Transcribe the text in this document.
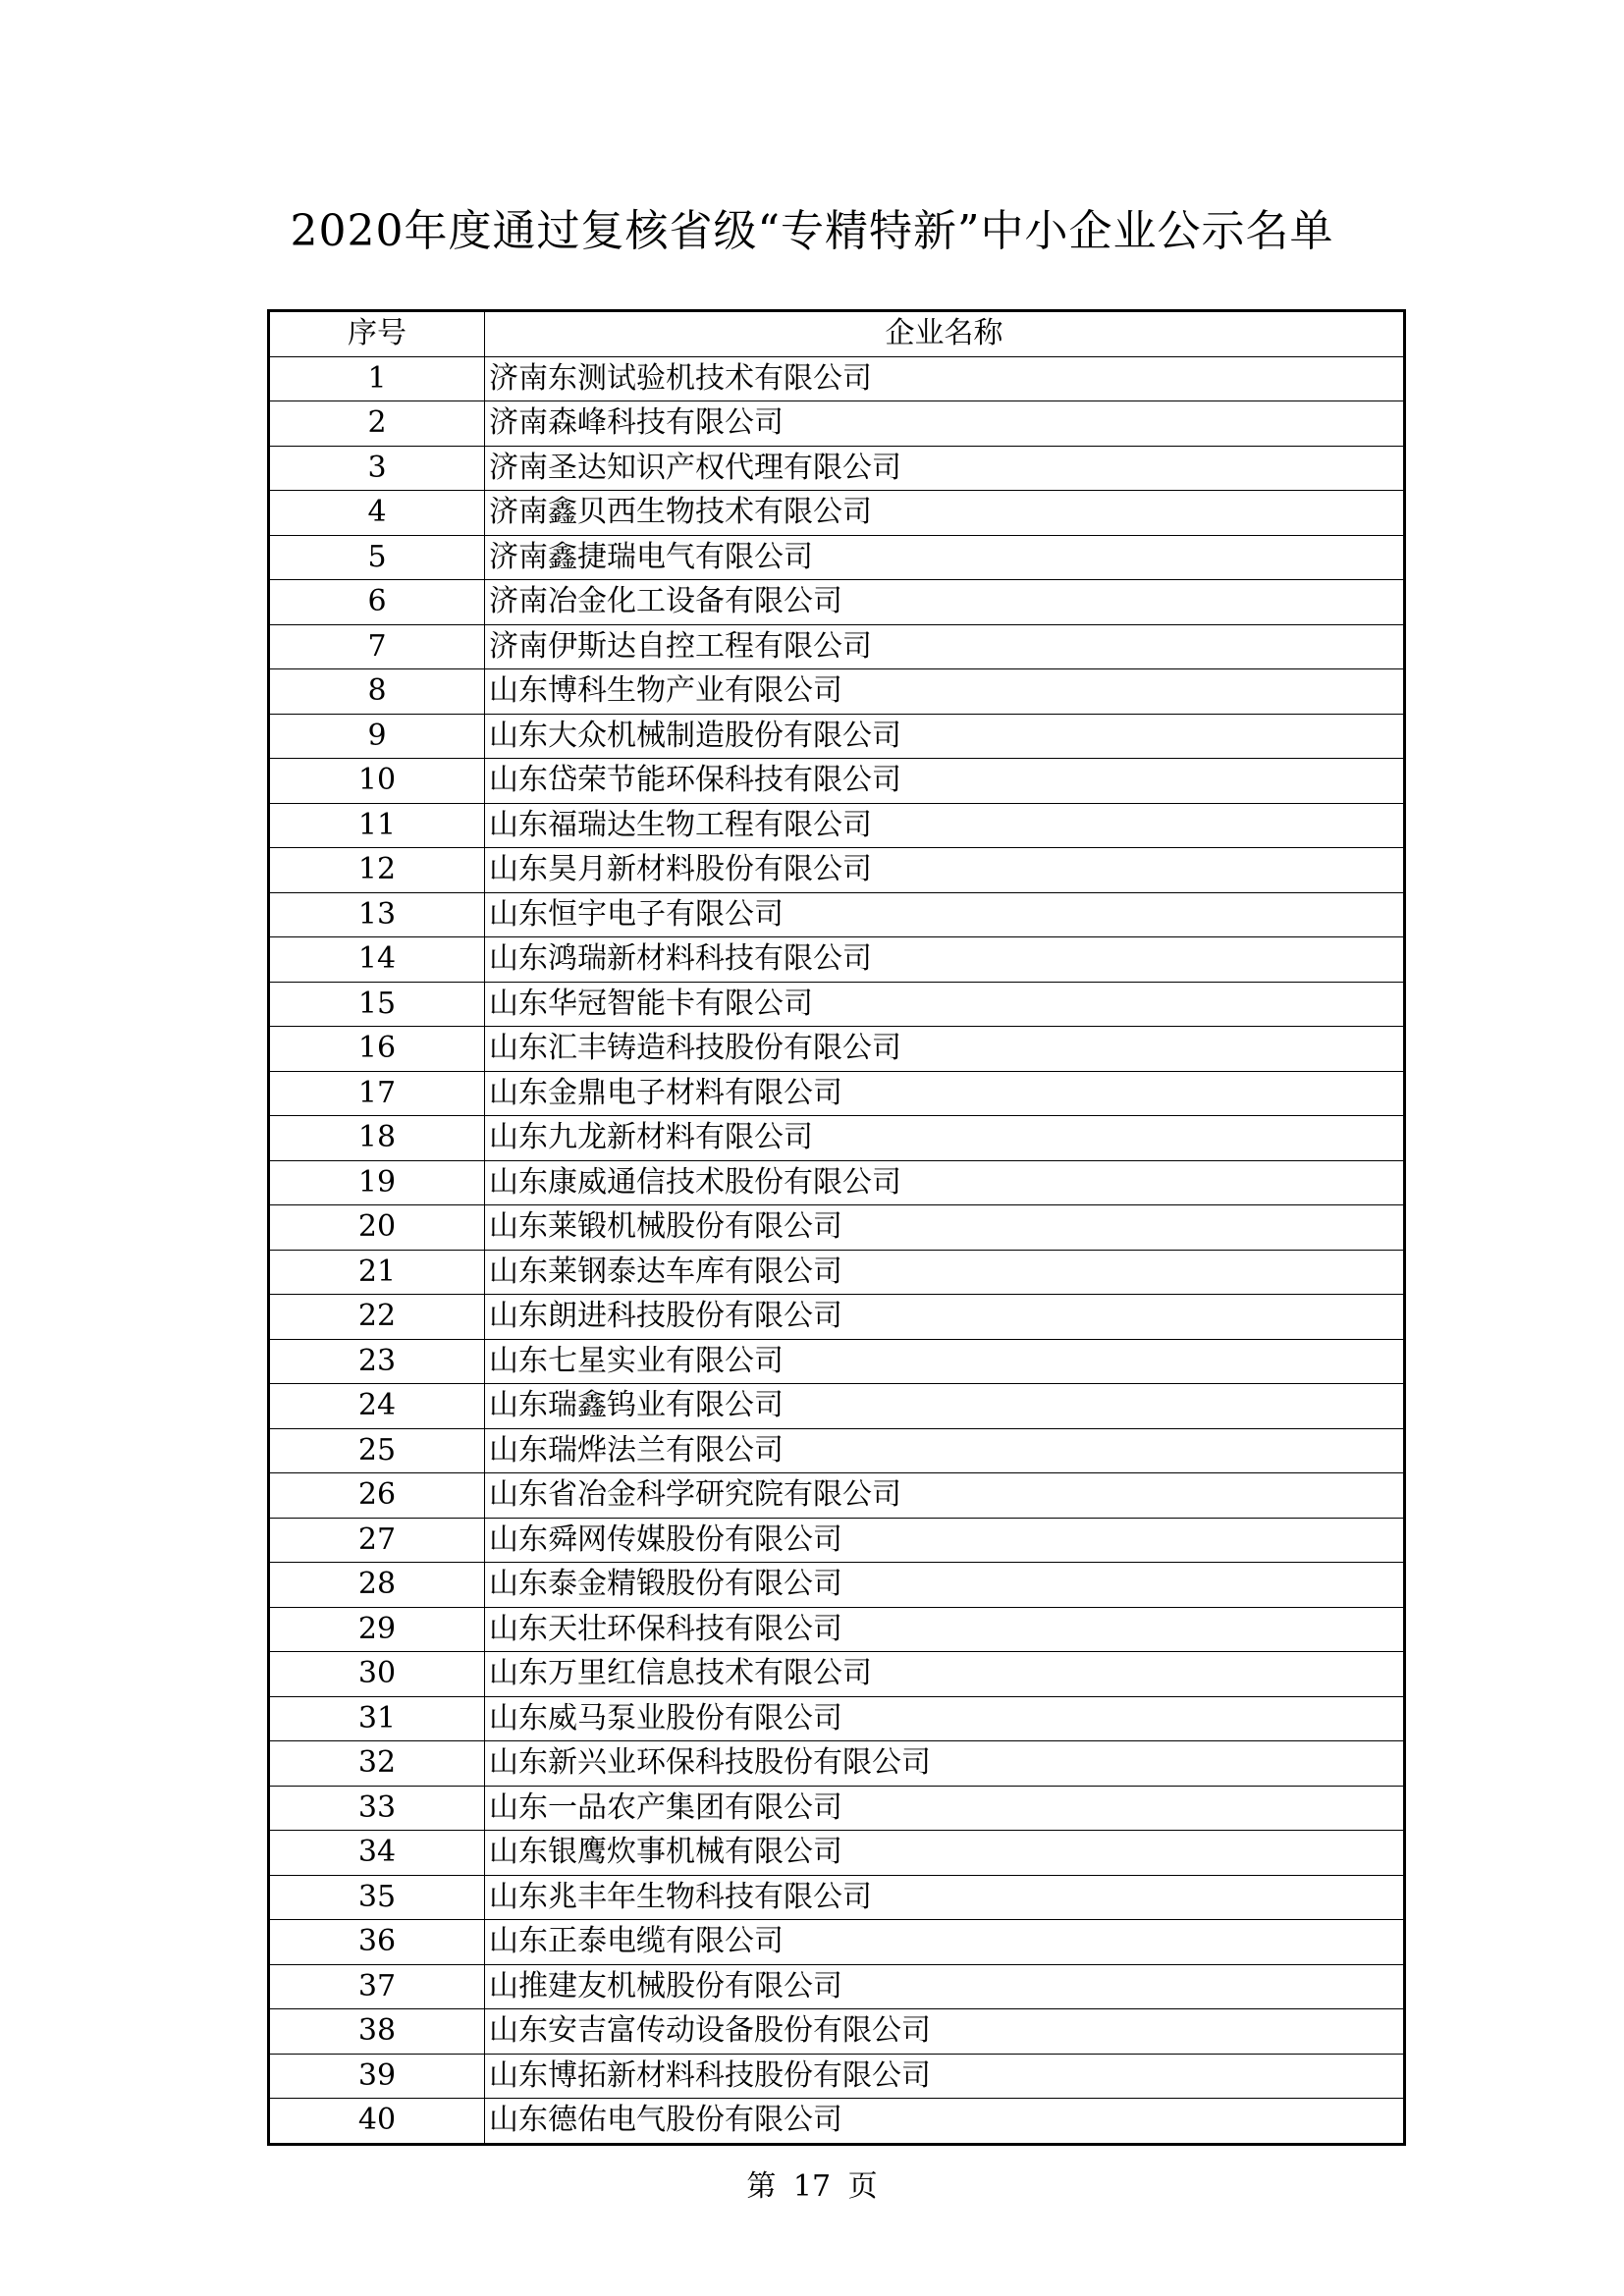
2020年度通过复核省级“专精特新”中小企业公示名单
序号	企业名称
1	济南东测试验机技术有限公司
2	济南森峰科技有限公司
3	济南圣达知识产权代理有限公司
4	济南鑫贝西生物技术有限公司
5	济南鑫捷瑞电气有限公司
6	济南冶金化工设备有限公司
7	济南伊斯达自控工程有限公司
8	山东博科生物产业有限公司
9	山东大众机械制造股份有限公司
10	山东岱荣节能环保科技有限公司
11	山东福瑞达生物工程有限公司
12	山东昊月新材料股份有限公司
13	山东恒宇电子有限公司
14	山东鸿瑞新材料科技有限公司
15	山东华冠智能卡有限公司
16	山东汇丰铸造科技股份有限公司
17	山东金鼎电子材料有限公司
18	山东九龙新材料有限公司
19	山东康威通信技术股份有限公司
20	山东莱锻机械股份有限公司
21	山东莱钢泰达车库有限公司
22	山东朗进科技股份有限公司
23	山东七星实业有限公司
24	山东瑞鑫钨业有限公司
25	山东瑞烨法兰有限公司
26	山东省冶金科学研究院有限公司
27	山东舜网传媒股份有限公司
28	山东泰金精锻股份有限公司
29	山东天壮环保科技有限公司
30	山东万里红信息技术有限公司
31	山东威马泵业股份有限公司
32	山东新兴业环保科技股份有限公司
33	山东一品农产集团有限公司
34	山东银鹰炊事机械有限公司
35	山东兆丰年生物科技有限公司
36	山东正泰电缆有限公司
37	山推建友机械股份有限公司
38	山东安吉富传动设备股份有限公司
39	山东博拓新材料科技股份有限公司
40	山东德佑电气股份有限公司
第 17 页
